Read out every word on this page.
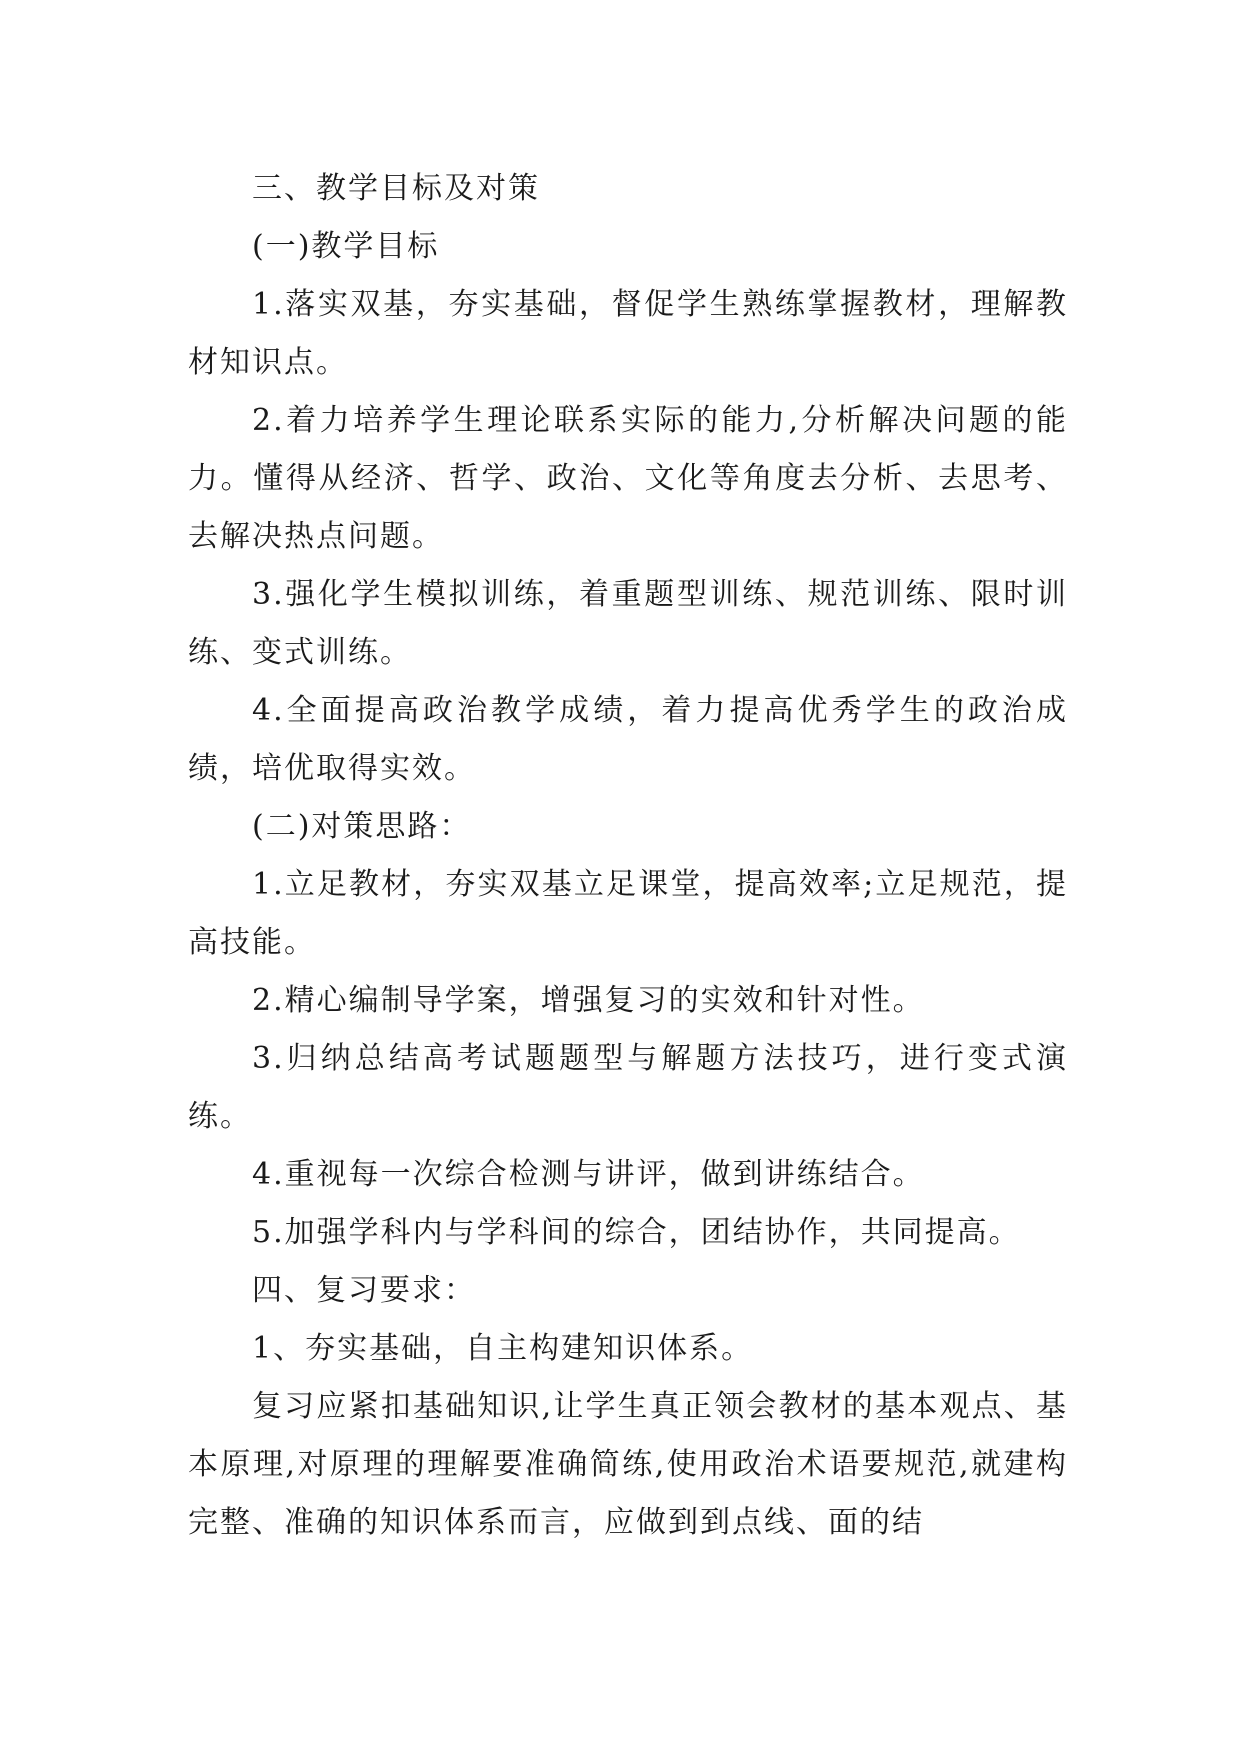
三、教学目标及对策

(一)教学目标

1.落实双基，夯实基础，督促学生熟练掌握教材，理解教材知识点。

2.着力培养学生理论联系实际的能力,分析解决问题的能力。懂得从经济、哲学、政治、文化等角度去分析、去思考、去解决热点问题。

3.强化学生模拟训练，着重题型训练、规范训练、限时训练、变式训练。

4.全面提高政治教学成绩，着力提高优秀学生的政治成绩，培优取得实效。

(二)对策思路：

1.立足教材，夯实双基立足课堂，提高效率;立足规范，提高技能。

2.精心编制导学案，增强复习的实效和针对性。

3.归纳总结高考试题题型与解题方法技巧，进行变式演练。

4.重视每一次综合检测与讲评，做到讲练结合。

5.加强学科内与学科间的综合，团结协作，共同提高。

四、复习要求：

1、夯实基础，自主构建知识体系。

复习应紧扣基础知识,让学生真正领会教材的基本观点、基本原理,对原理的理解要准确简练,使用政治术语要规范,就建构完整、准确的知识体系而言，应做到到点线、面的结
